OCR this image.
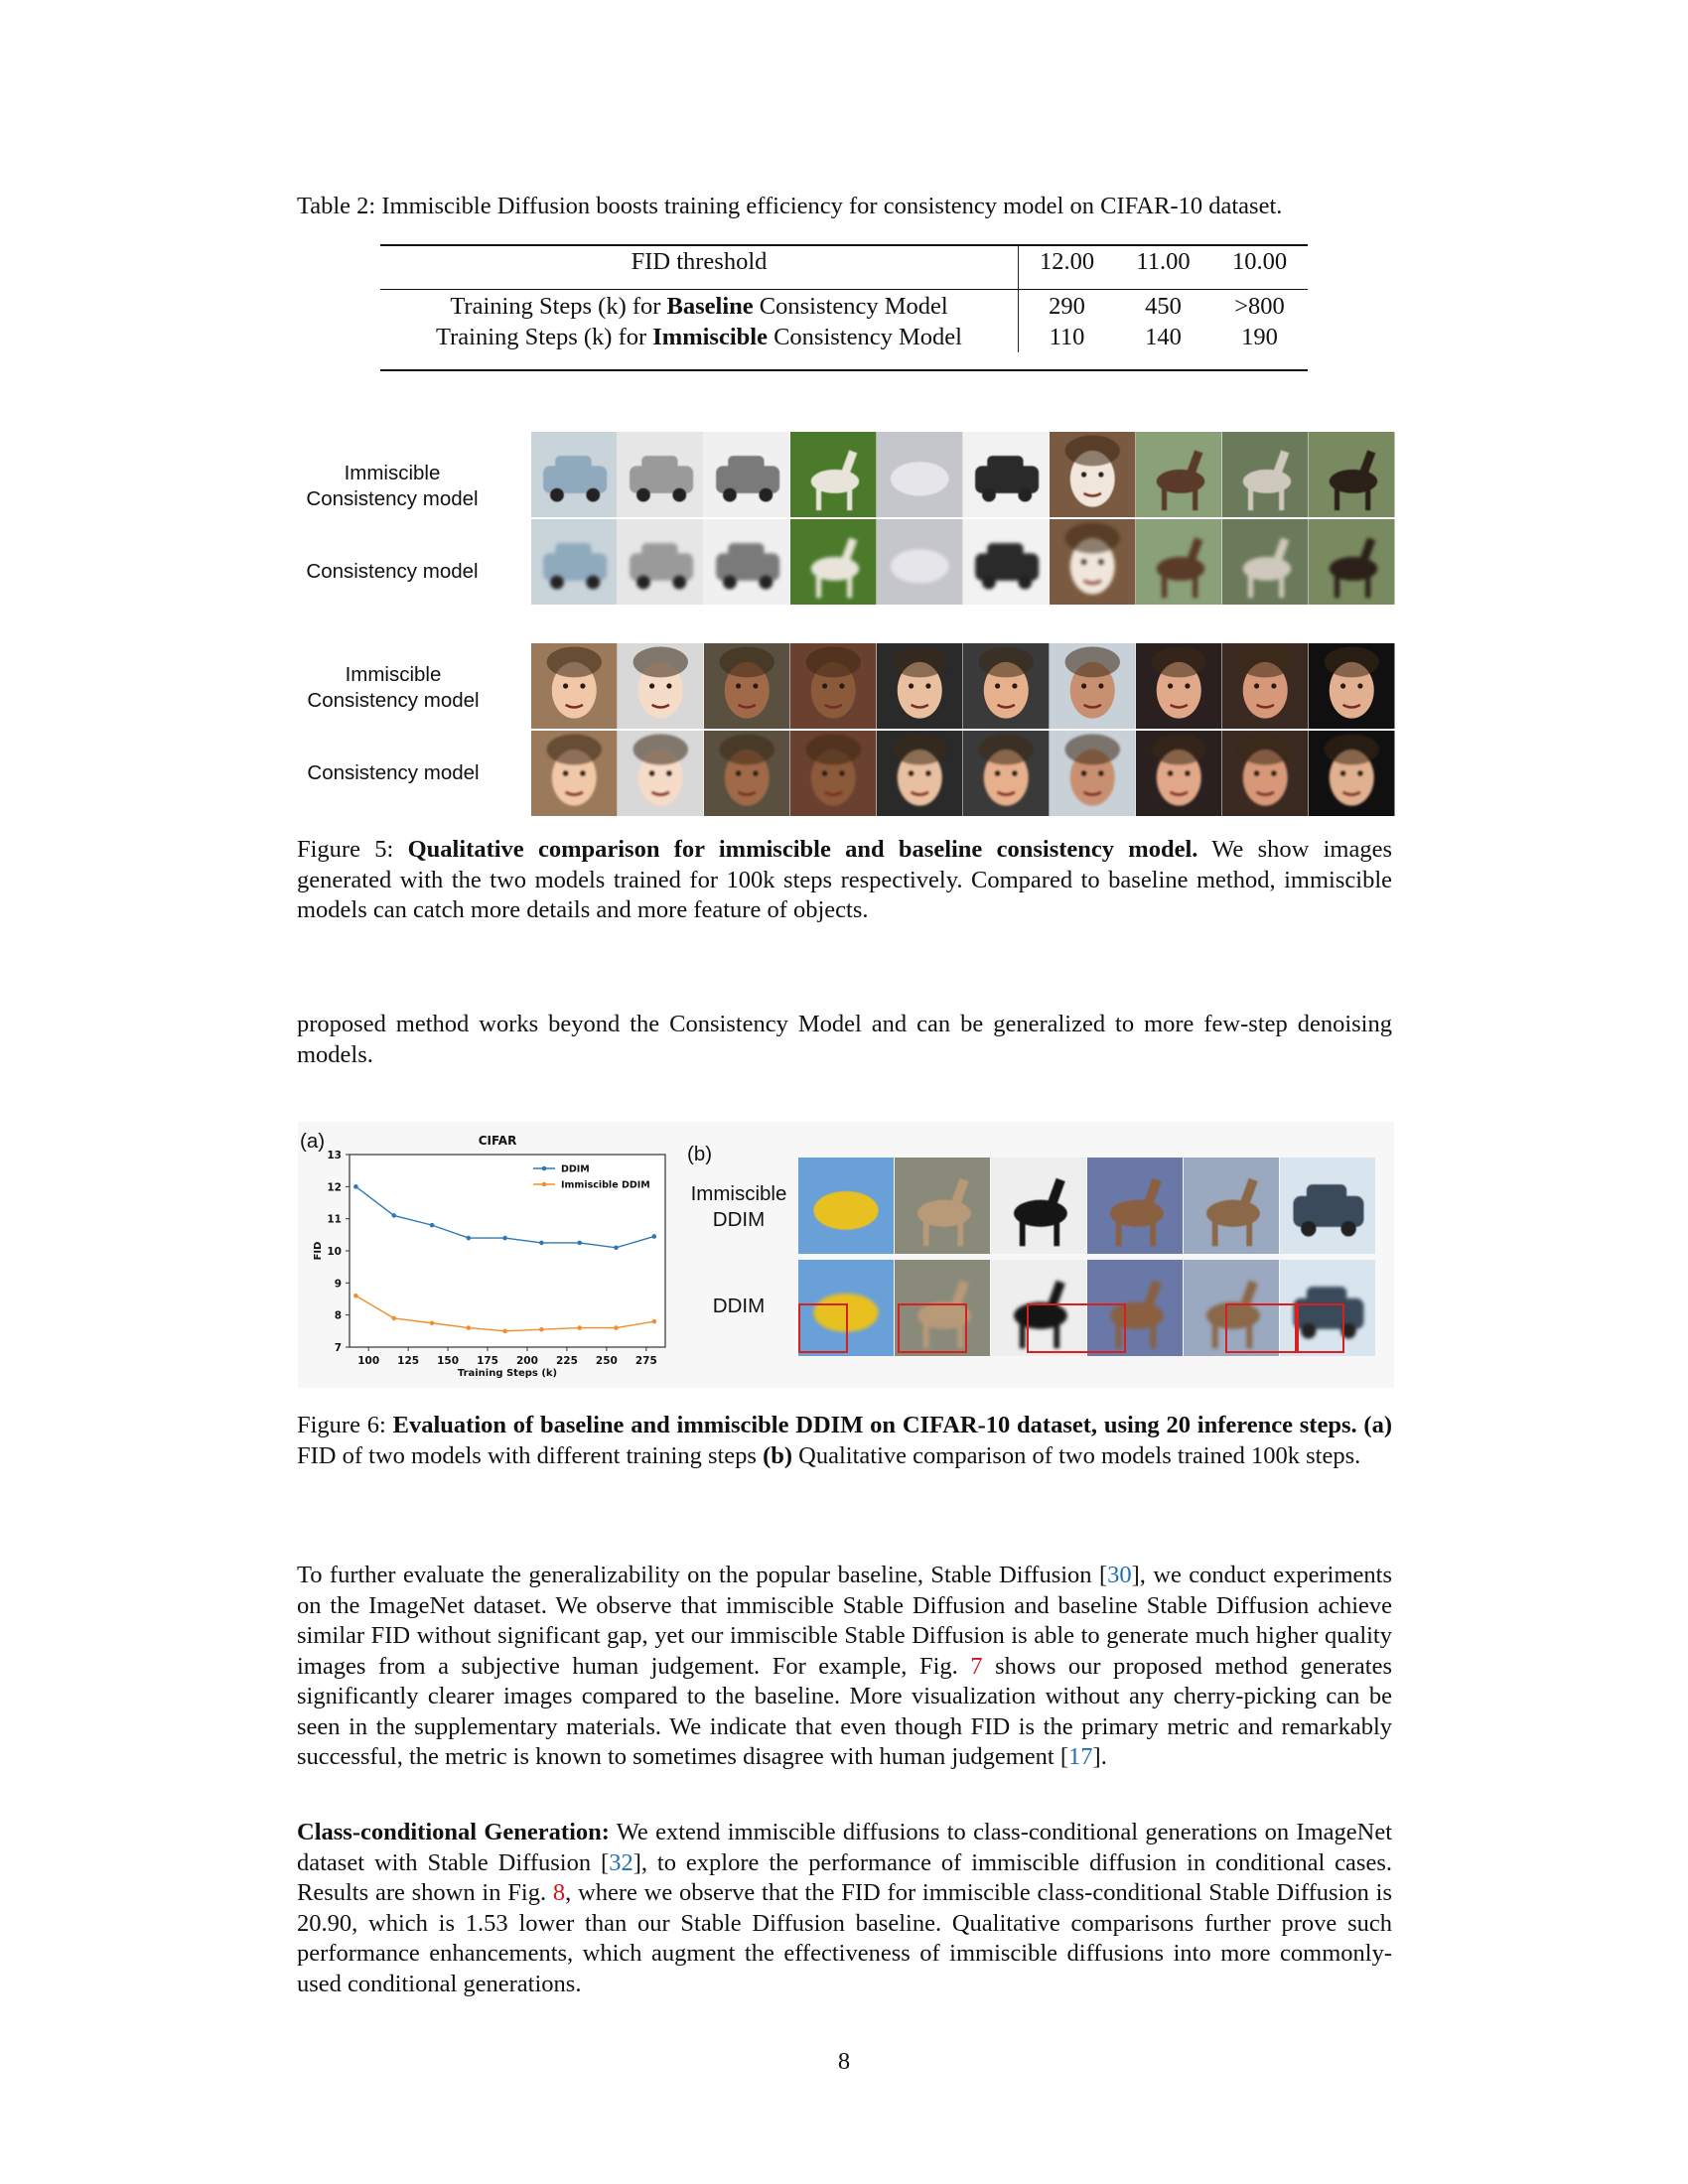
Table 2: Immiscible Diffusion boosts training efficiency for consistency model on CIFAR-10 dataset.
FID threshold	12.00	11.00	10.00

Training Steps (k) for Baseline Consistency Model	290	450	>800
Training Steps (k) for Immiscible Consistency Model	110	140	190
Immiscible
Consistency model
Consistency model
Immiscible
Consistency model
Consistency model
Figure 5: Qualitative comparison for immiscible and baseline consistency model. We show images generated with the two models trained for 100k steps respectively. Compared to baseline method, immiscible models can catch more details and more feature of objects.
proposed method works beyond the Consistency Model and can be generalized to more few-step denoising models.
(a)	CIFAR
100 125 150 175 200 225 250 275
7
8
9
10
11
12
13
Training Steps (k)
FID
DDIM
Immiscible DDIM
(b)
Immiscible
DDIM
DDIM
Figure 6: Evaluation of baseline and immiscible DDIM on CIFAR-10 dataset, using 20 inference steps. (a) FID of two models with different training steps (b) Qualitative comparison of two models trained 100k steps.
To further evaluate the generalizability on the popular baseline, Stable Diffusion [30], we conduct experiments on the ImageNet dataset. We observe that immiscible Stable Diffusion and baseline Stable Diffusion achieve similar FID without significant gap, yet our immiscible Stable Diffusion is able to generate much higher quality images from a subjective human judgement. For example, Fig. 7 shows our proposed method generates significantly clearer images compared to the baseline. More visualization without any cherry-picking can be seen in the supplementary materials. We indicate that even though FID is the primary metric and remarkably successful, the metric is known to sometimes disagree with human judgement [17].
Class-conditional Generation: We extend immiscible diffusions to class-conditional generations on ImageNet dataset with Stable Diffusion [32], to explore the performance of immiscible diffusion in conditional cases. Results are shown in Fig. 8, where we observe that the FID for immiscible class-conditional Stable Diffusion is 20.90, which is 1.53 lower than our Stable Diffusion baseline. Qualitative comparisons further prove such performance enhancements, which augment the effectiveness of immiscible diffusions into more commonly-used conditional generations.
8
